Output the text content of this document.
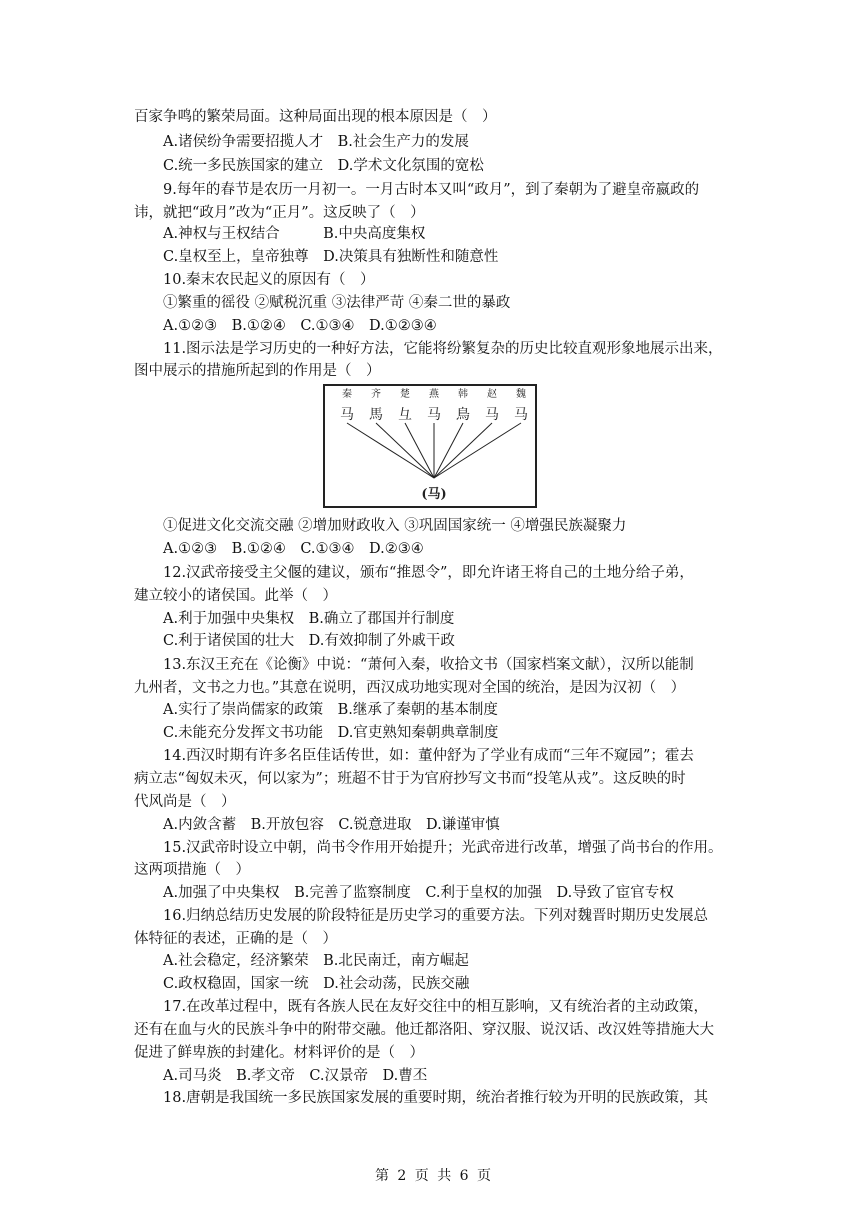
百家争鸣的繁荣局面。这种局面出现的根本原因是（　）
A.诸侯纷争需要招揽人才　B.社会生产力的发展
C.统一多民族国家的建立　D.学术文化氛围的宽松
9.每年的春节是农历一月初一。一月古时本又叫“政月”，到了秦朝为了避皇帝嬴政的
讳，就把“政月”改为“正月”。这反映了（　）
A.神权与王权结合　　　B.中央高度集权
C.皇权至上，皇帝独尊　D.决策具有独断性和随意性
10.秦末农民起义的原因有（　）
①繁重的徭役 ②赋税沉重 ③法律严苛 ④秦二世的暴政
A.①②③　B.①②④　C.①③④　D.①②③④
11.图示法是学习历史的一种好方法，它能将纷繁复杂的历史比较直观形象地展示出来，
图中展示的措施所起到的作用是（　）
秦 齐 楚 燕 韩 赵 魏
马 馬 彑 马 鳥 马 马
(马)
①促进文化交流交融 ②增加财政收入 ③巩固国家统一 ④增强民族凝聚力
A.①②③　B.①②④　C.①③④　D.②③④
12.汉武帝接受主父偃的建议，颁布“推恩令”，即允许诸王将自己的土地分给子弟，
建立较小的诸侯国。此举（　）
A.利于加强中央集权　B.确立了郡国并行制度
C.利于诸侯国的壮大　D.有效抑制了外戚干政
13.东汉王充在《论衡》中说：“萧何入秦，收拾文书（国家档案文献），汉所以能制
九州者，文书之力也。”其意在说明，西汉成功地实现对全国的统治，是因为汉初（　）
A.实行了崇尚儒家的政策　B.继承了秦朝的基本制度
C.未能充分发挥文书功能　D.官吏熟知秦朝典章制度
14.西汉时期有许多名臣佳话传世，如：董仲舒为了学业有成而“三年不窥园”；霍去
病立志“匈奴未灭，何以家为”；班超不甘于为官府抄写文书而“投笔从戎”。这反映的时
代风尚是（　）
A.内敛含蓄　B.开放包容　C.锐意进取　D.谦谨审慎
15.汉武帝时设立中朝，尚书令作用开始提升；光武帝进行改革，增强了尚书台的作用。
这两项措施（　）
A.加强了中央集权　B.完善了监察制度　C.利于皇权的加强　D.导致了宦官专权
16.归纳总结历史发展的阶段特征是历史学习的重要方法。下列对魏晋时期历史发展总
体特征的表述，正确的是（　）
A.社会稳定，经济繁荣　B.北民南迁，南方崛起
C.政权稳固，国家一统　D.社会动荡，民族交融
17.在改革过程中，既有各族人民在友好交往中的相互影响，又有统治者的主动政策，
还有在血与火的民族斗争中的附带交融。他迁都洛阳、穿汉服、说汉话、改汉姓等措施大大
促进了鲜卑族的封建化。材料评价的是（　）
A.司马炎　B.孝文帝　C.汉景帝　D.曹丕
18.唐朝是我国统一多民族国家发展的重要时期，统治者推行较为开明的民族政策，其
第 2 页 共 6 页
